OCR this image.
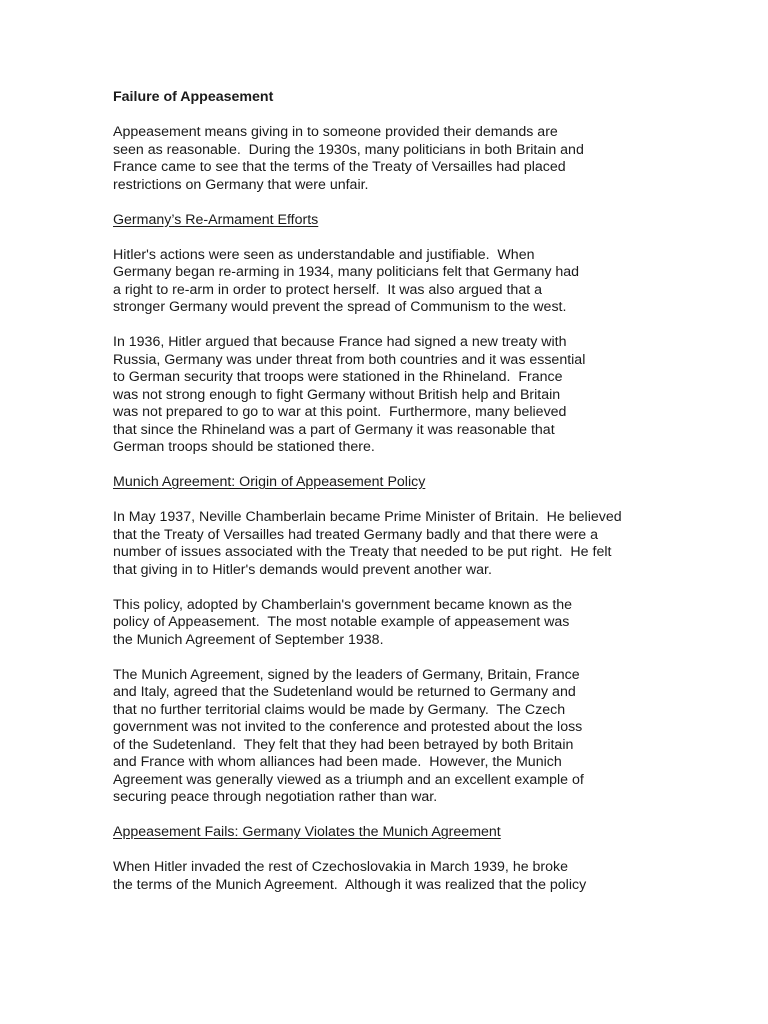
Failure of Appeasement
Appeasement means giving in to someone provided their demands are
seen as reasonable.  During the 1930s, many politicians in both Britain and
France came to see that the terms of the Treaty of Versailles had placed
restrictions on Germany that were unfair.
Germany’s Re-Armament Efforts
Hitler's actions were seen as understandable and justifiable.  When
Germany began re-arming in 1934, many politicians felt that Germany had
a right to re-arm in order to protect herself.  It was also argued that a
stronger Germany would prevent the spread of Communism to the west.
In 1936, Hitler argued that because France had signed a new treaty with
Russia, Germany was under threat from both countries and it was essential
to German security that troops were stationed in the Rhineland.  France
was not strong enough to fight Germany without British help and Britain
was not prepared to go to war at this point.  Furthermore, many believed
that since the Rhineland was a part of Germany it was reasonable that
German troops should be stationed there.
Munich Agreement: Origin of Appeasement Policy
In May 1937, Neville Chamberlain became Prime Minister of Britain.  He believed
that the Treaty of Versailles had treated Germany badly and that there were a
number of issues associated with the Treaty that needed to be put right.  He felt
that giving in to Hitler's demands would prevent another war.
This policy, adopted by Chamberlain's government became known as the
policy of Appeasement.  The most notable example of appeasement was
the Munich Agreement of September 1938.
The Munich Agreement, signed by the leaders of Germany, Britain, France
and Italy, agreed that the Sudetenland would be returned to Germany and
that no further territorial claims would be made by Germany.  The Czech
government was not invited to the conference and protested about the loss
of the Sudetenland.  They felt that they had been betrayed by both Britain
and France with whom alliances had been made.  However, the Munich
Agreement was generally viewed as a triumph and an excellent example of
securing peace through negotiation rather than war.
Appeasement Fails: Germany Violates the Munich Agreement
When Hitler invaded the rest of Czechoslovakia in March 1939, he broke
the terms of the Munich Agreement.  Although it was realized that the policy
